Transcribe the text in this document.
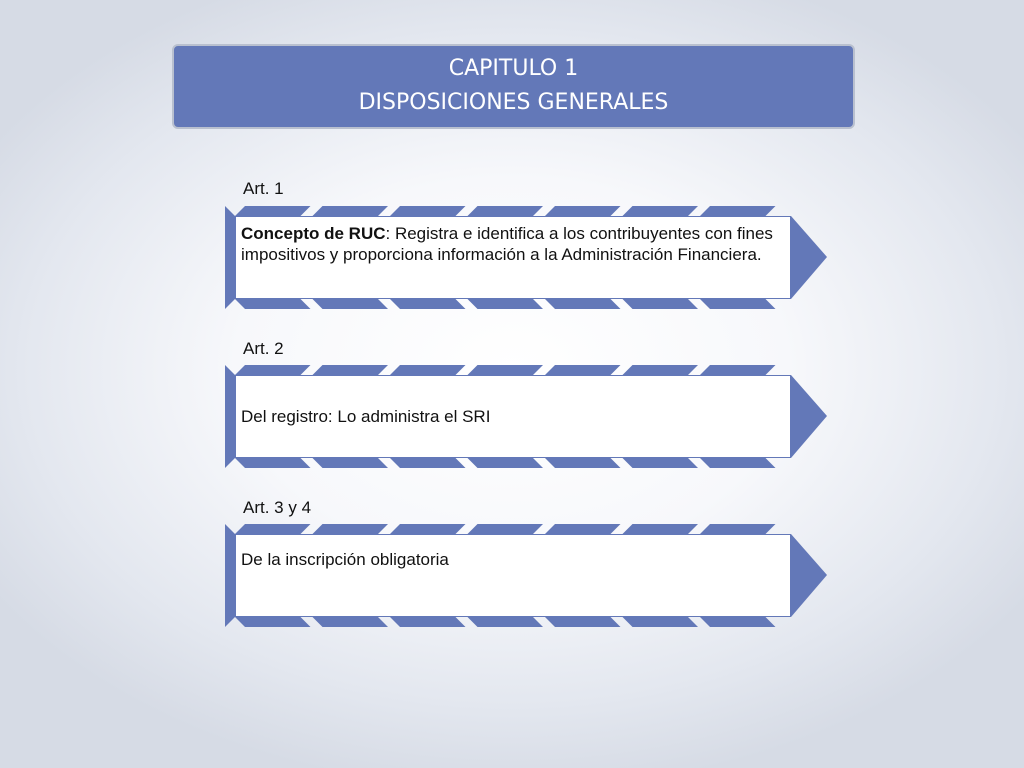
CAPITULO 1
DISPOSICIONES GENERALES
Art. 1
Concepto de RUC: Registra e identifica a los contribuyentes con fines impositivos y proporciona información a la Administración Financiera.
Art. 2
Del registro: Lo administra el SRI
Art. 3 y 4
De la inscripción obligatoria
